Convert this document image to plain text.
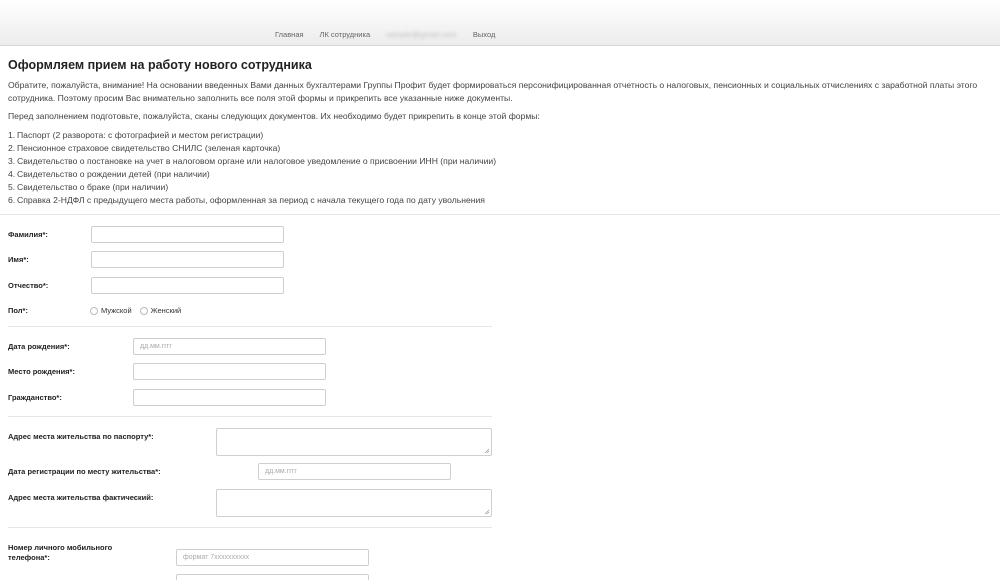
Главная ЛК сотрудника sample@gmail.com Выход
Оформляем прием на работу нового сотрудника
Обратите, пожалуйста, внимание! На основании введенных Вами данных бухгалтерами Группы Профит будет формироваться персонифицированная отчетность о налоговых, пенсионных и социальных отчислениях с заработной платы этого сотрудника. Поэтому просим Вас внимательно заполнить все поля этой формы и прикрепить все указанные ниже документы.
Перед заполнением подготовьте, пожалуйста, сканы следующих документов. Их необходимо будет прикрепить в конце этой формы:
1. Паспорт (2 разворота: с фотографией и местом регистрации)
2. Пенсионное страховое свидетельство СНИЛС (зеленая карточка)
3. Свидетельство о постановке на учет в налоговом органе или налоговое уведомление о присвоении ИНН (при наличии)
4. Свидетельство о рождении детей (при наличии)
5. Свидетельство о браке (при наличии)
6. Справка 2-НДФЛ с предыдущего места работы, оформленная за период с начала текущего года по дату увольнения
Фамилия*:
Имя*:
Отчество*:
Пол*:	Мужской	Женский
Дата рождения*:	дд.мм.гггг
Место рождения*:
Гражданство*:
Адрес места жительства по паспорту*:
Дата регистрации по месту жительства*:	дд.мм.гггг
Адрес места жительства фактический:
Номер личного мобильного
телефона*:	формат 7xxxxxxxxxx
